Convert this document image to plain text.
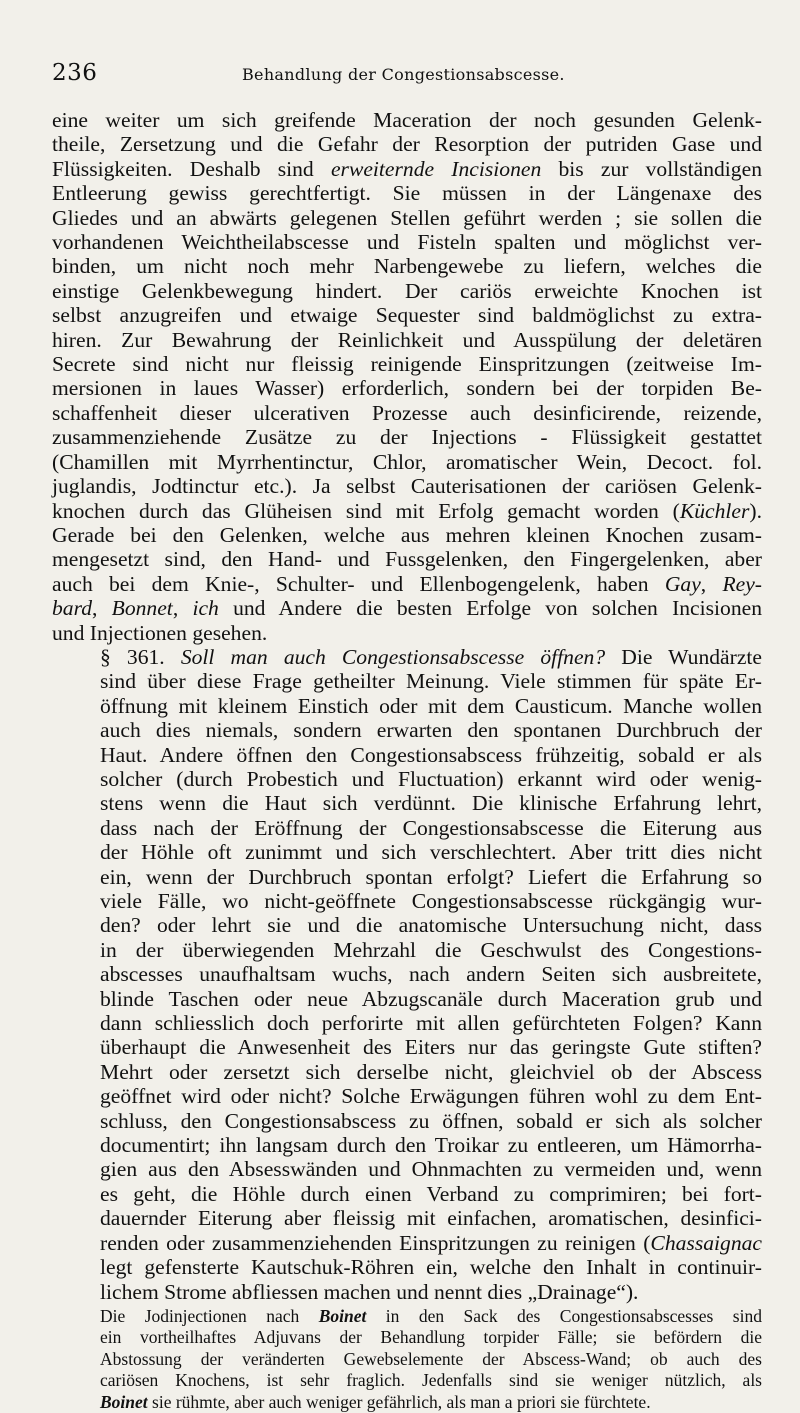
236	Behandlung der Congestionsabscesse.

eine weiter um sich greifende Maceration der noch gesunden Gelenk-
theile, Zersetzung und die Gefahr der Resorption der putriden Gase und
Flüssigkeiten. Deshalb sind erweiternde Incisionen bis zur vollständigen
Entleerung gewiss gerechtfertigt. Sie müssen in der Längenaxe des
Gliedes und an abwärts gelegenen Stellen geführt werden ; sie sollen die
vorhandenen Weichtheilabscesse und Fisteln spalten und möglichst ver-
binden, um nicht noch mehr Narbengewebe zu liefern, welches die
einstige Gelenkbewegung hindert. Der cariös erweichte Knochen ist
selbst anzugreifen und etwaige Sequester sind baldmöglichst zu extra-
hiren. Zur Bewahrung der Reinlichkeit und Ausspülung der deletären
Secrete sind nicht nur fleissig reinigende Einspritzungen (zeitweise Im-
mersionen in laues Wasser) erforderlich, sondern bei der torpiden Be-
schaffenheit dieser ulcerativen Prozesse auch desinficirende, reizende,
zusammenziehende Zusätze zu der Injections - Flüssigkeit gestattet
(Chamillen mit Myrrhentinctur, Chlor, aromatischer Wein, Decoct. fol.
juglandis, Jodtinctur etc.). Ja selbst Cauterisationen der cariösen Gelenk-
knochen durch das Glüheisen sind mit Erfolg gemacht worden (Küchler).
Gerade bei den Gelenken, welche aus mehren kleinen Knochen zusam-
mengesetzt sind, den Hand- und Fussgelenken, den Fingergelenken, aber
auch bei dem Knie-, Schulter- und Ellenbogengelenk, haben Gay, Rey-
bard, Bonnet, ich und Andere die besten Erfolge von solchen Incisionen
und Injectionen gesehen.

§ 361. Soll man auch Congestionsabscesse öffnen? Die Wundärzte
sind über diese Frage getheilter Meinung. Viele stimmen für späte Er-
öffnung mit kleinem Einstich oder mit dem Causticum. Manche wollen
auch dies niemals, sondern erwarten den spontanen Durchbruch der
Haut. Andere öffnen den Congestionsabscess frühzeitig, sobald er als
solcher (durch Probestich und Fluctuation) erkannt wird oder wenig-
stens wenn die Haut sich verdünnt. Die klinische Erfahrung lehrt,
dass nach der Eröffnung der Congestionsabscesse die Eiterung aus
der Höhle oft zunimmt und sich verschlechtert. Aber tritt dies nicht
ein, wenn der Durchbruch spontan erfolgt? Liefert die Erfahrung so
viele Fälle, wo nicht-geöffnete Congestionsabscesse rückgängig wur-
den? oder lehrt sie und die anatomische Untersuchung nicht, dass
in der überwiegenden Mehrzahl die Geschwulst des Congestions-
abscesses unaufhaltsam wuchs, nach andern Seiten sich ausbreitete,
blinde Taschen oder neue Abzugscanäle durch Maceration grub und
dann schliesslich doch perforirte mit allen gefürchteten Folgen? Kann
überhaupt die Anwesenheit des Eiters nur das geringste Gute stiften?
Mehrt oder zersetzt sich derselbe nicht, gleichviel ob der Abscess
geöffnet wird oder nicht? Solche Erwägungen führen wohl zu dem Ent-
schluss, den Congestionsabscess zu öffnen, sobald er sich als solcher
documentirt; ihn langsam durch den Troikar zu entleeren, um Hämorrha-
gien aus den Absesswänden und Ohnmachten zu vermeiden und, wenn
es geht, die Höhle durch einen Verband zu comprimiren; bei fort-
dauernder Eiterung aber fleissig mit einfachen, aromatischen, desinfici-
renden oder zusammenziehenden Einspritzungen zu reinigen (Chassaignac
legt gefensterte Kautschuk-Röhren ein, welche den Inhalt in continuir-
lichem Strome abfliessen machen und nennt dies „Drainage“).

Die Jodinjectionen nach Boinet in den Sack des Congestionsabscesses sind
ein vortheilhaftes Adjuvans der Behandlung torpider Fälle; sie befördern die
Abstossung der veränderten Gewebselemente der Abscess-Wand; ob auch des
cariösen Knochens, ist sehr fraglich. Jedenfalls sind sie weniger nützlich, als
Boinet sie rühmte, aber auch weniger gefährlich, als man a priori sie fürchtete.
